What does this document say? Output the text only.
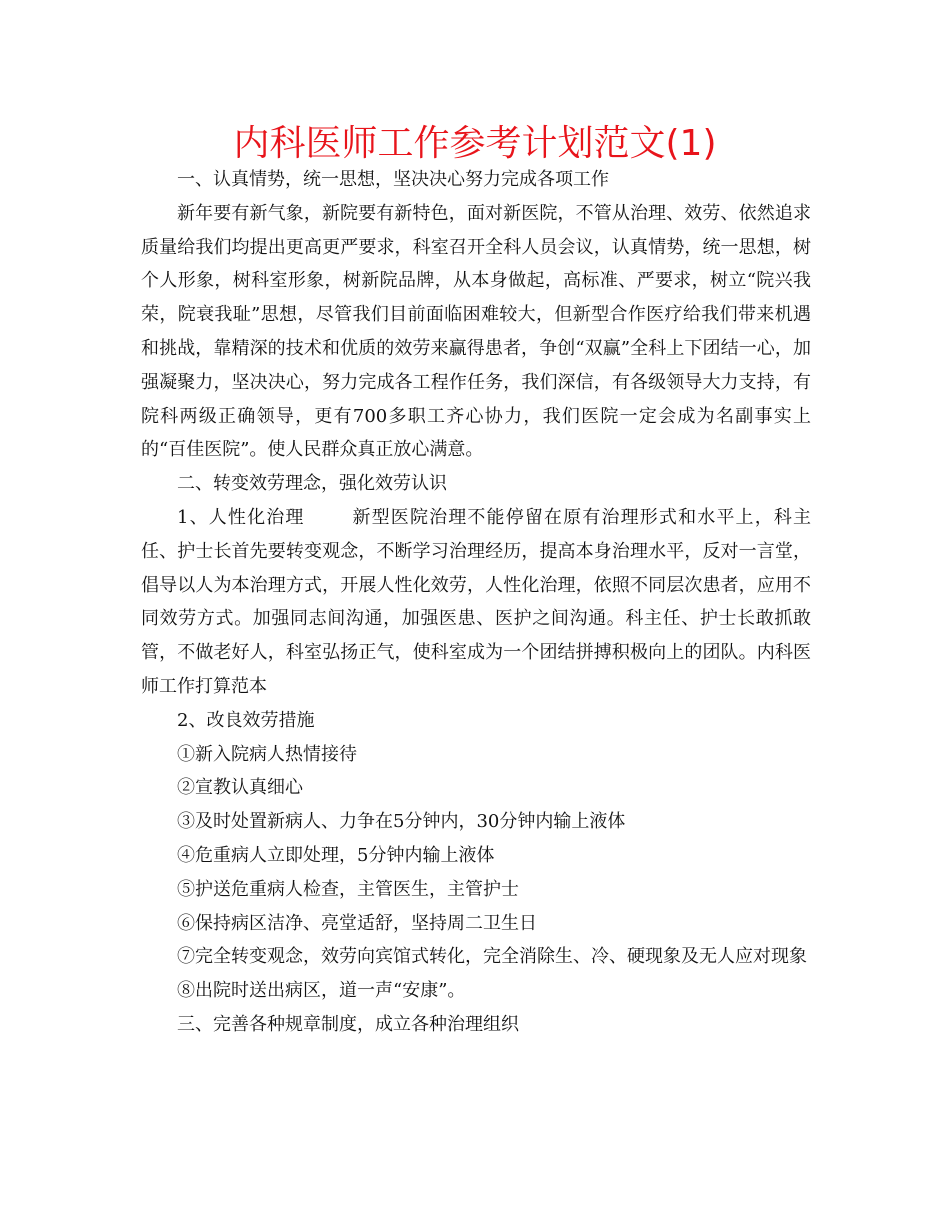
内科医师工作参考计划范文(1)

一、认真情势，统一思想，坚决决心努力完成各项工作

新年要有新气象，新院要有新特色，面对新医院，不管从治理、效劳、依然追求质量给我们均提出更高更严要求，科室召开全科人员会议，认真情势，统一思想，树个人形象，树科室形象，树新院品牌，从本身做起，高标准、严要求，树立“院兴我荣，院衰我耻”思想，尽管我们目前面临困难较大，但新型合作医疗给我们带来机遇和挑战，靠精深的技术和优质的效劳来赢得患者，争创“双赢”全科上下团结一心，加强凝聚力，坚决决心，努力完成各工程作任务，我们深信，有各级领导大力支持，有院科两级正确领导，更有700多职工齐心协力，我们医院一定会成为名副事实上的“百佳医院”。使人民群众真正放心满意。

二、转变效劳理念，强化效劳认识

1、人性化治理	新型医院治理不能停留在原有治理形式和水平上，科主任、护士长首先要转变观念，不断学习治理经历，提高本身治理水平，反对一言堂，倡导以人为本治理方式，开展人性化效劳，人性化治理，依照不同层次患者，应用不同效劳方式。加强同志间沟通，加强医患、医护之间沟通。科主任、护士长敢抓敢管，不做老好人，科室弘扬正气，使科室成为一个团结拼搏积极向上的团队。内科医师工作打算范本

2、改良效劳措施

①新入院病人热情接待

②宣教认真细心

③及时处置新病人、力争在5分钟内，30分钟内输上液体

④危重病人立即处理，5分钟内输上液体

⑤护送危重病人检查，主管医生，主管护士

⑥保持病区洁净、亮堂适舒，坚持周二卫生日

⑦完全转变观念，效劳向宾馆式转化，完全消除生、冷、硬现象及无人应对现象

⑧出院时送出病区，道一声“安康”。

三、完善各种规章制度，成立各种治理组织
